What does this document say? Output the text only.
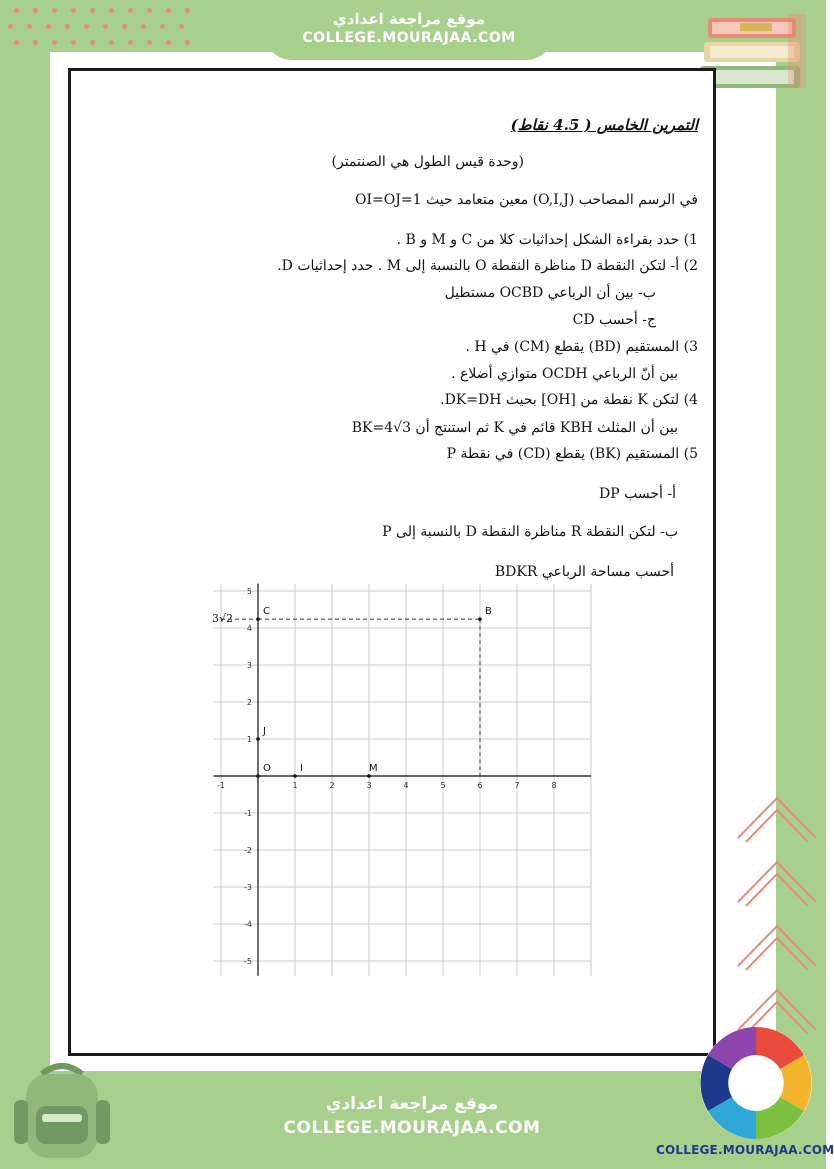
موقع مراجعة اعدادي
COLLEGE.MOURAJAA.COM
التمرين الخامس ( 4.5 نقاط)
(وحدة قيس الطول هي الصنتمتر)
في الرسم المصاحب (O,I,J) معين متعامد حيث OI=OJ=1
1) حدد بقراءة الشكل إحداثيات كلا من C و M و B .
2) أ- لتكن النقطة D مناظرة النقطة O بالنسبة إلى M . حدد إحداثيات D.
ب- بين أن الرباعي OCBD مستطيل
ج- أحسب CD
3) المستقيم (BD) يقطع (CM) في H .
بين أنّ الرباعي OCDH متوازي أضلاع .
4) لتكن K نقطة من [OH] بحيث DK=DH.
بين أن المثلث KBH قائم في K ثم استنتج أن BK=4√3
5) المستقيم (BK) يقطع (CD) في نقطة P
أ- أحسب DP
ب- لتكن النقطة R مناظرة النقطة D بالنسبة إلى P
أحسب مساحة الرباعي BDKR
-1	1	2	3	4	5	6	7	8
5
4
3
2
1
-1
-2
-3
-4
-5
O	I
J
M
C	B
3√2
موقع مراجعة اعدادي
COLLEGE.MOURAJAA.COM
COLLEGE.MOURAJAA.COM
